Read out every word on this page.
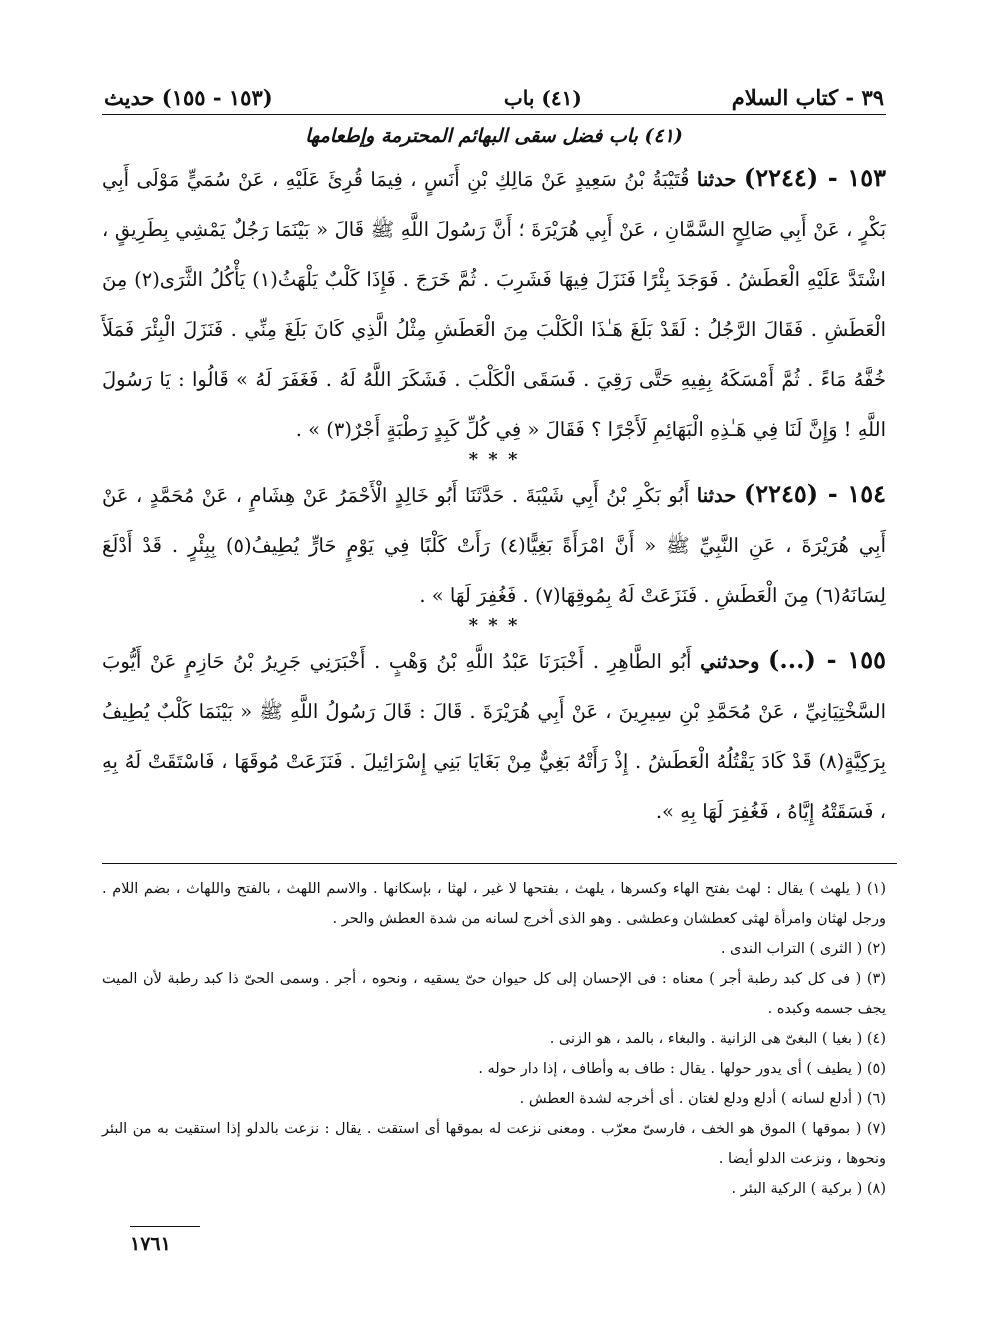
٣٩ - كتاب السلام
(٤١) باب
(١٥٣ - ١٥٥) حديث
(٤١) باب فضل سقى البهائم المحترمة وإطعامها
١٥٣ - (٢٢٤٤) حدثنا قُتَيْبَةُ بْنُ سَعِيدٍ عَنْ مَالِكِ بْنِ أَنَسٍ ، فِيمَا قُرِئَ عَلَيْهِ ، عَنْ سُمَيٍّ مَوْلَى أَبِي بَكْرٍ ، عَنْ أَبِي صَالِحٍ السَّمَّانِ ، عَنْ أَبِي هُرَيْرَةَ ؛ أَنَّ رَسُولَ اللَّهِ ﷺ قَالَ « بَيْنَمَا رَجُلٌ يَمْشِي بِطَرِيقٍ ، اشْتَدَّ عَلَيْهِ الْعَطَشُ . فَوَجَدَ بِئْرًا فَنَزَلَ فِيهَا فَشَرِبَ . ثُمَّ خَرَجَ . فَإِذَا كَلْبٌ يَلْهَثُ(١) يَأْكُلُ الثَّرَى(٢) مِنَ الْعَطَشِ . فَقَالَ الرَّجُلُ : لَقَدْ بَلَغَ هَـٰذَا الْكَلْبَ مِنَ الْعَطَشِ مِثْلُ الَّذِي كَانَ بَلَغَ مِنِّي . فَنَزَلَ الْبِئْرَ فَمَلَأَ خُفَّهُ مَاءً . ثُمَّ أَمْسَكَهُ بِفِيهِ حَتَّى رَقِيَ . فَسَقَى الْكَلْبَ . فَشَكَرَ اللَّهُ لَهُ . فَغَفَرَ لَهُ » قَالُوا : يَا رَسُولَ اللَّهِ ! وَإِنَّ لَنَا فِي هَـٰذِهِ الْبَهَائِمِ لَأَجْرًا ؟ فَقَالَ « فِي كُلِّ كَبِدٍ رَطْبَةٍ أَجْرٌ(٣) » .
* * *
١٥٤ - (٢٢٤٥) حدثنا أَبُو بَكْرِ بْنُ أَبِي شَيْبَةَ . حَدَّثَنَا أَبُو خَالِدٍ الْأَحْمَرُ عَنْ هِشَامٍ ، عَنْ مُحَمَّدٍ ، عَنْ أَبِي هُرَيْرَةَ ، عَنِ النَّبِيِّ ﷺ « أَنَّ امْرَأَةً بَغِيًّا(٤) رَأَتْ كَلْبًا فِي يَوْمٍ حَارٍّ يُطِيفُ(٥) بِبِئْرٍ . قَدْ أَدْلَعَ لِسَانَهُ(٦) مِنَ الْعَطَشِ . فَنَزَعَتْ لَهُ بِمُوقِهَا(٧) . فَغُفِرَ لَهَا » .
* * *
١٥٥ - (...) وحدثني أَبُو الطَّاهِرِ . أَخْبَرَنَا عَبْدُ اللَّهِ بْنُ وَهْبٍ . أَخْبَرَنِي جَرِيرُ بْنُ حَازِمٍ عَنْ أَيُّوبَ السَّخْتِيَانِيِّ ، عَنْ مُحَمَّدِ بْنِ سِيرِينَ ، عَنْ أَبِي هُرَيْرَةَ . قَالَ : قَالَ رَسُولُ اللَّهِ ﷺ « بَيْنَمَا كَلْبٌ يُطِيفُ بِرَكِيَّةٍ(٨) قَدْ كَادَ يَقْتُلُهُ الْعَطَشُ . إِذْ رَأَتْهُ بَغِيٌّ مِنْ بَغَايَا بَنِي إِسْرَائِيلَ . فَنَزَعَتْ مُوقَهَا ، فَاسْتَقَتْ لَهُ بِهِ ، فَسَقَتْهُ إِيَّاهُ ، فَغُفِرَ لَهَا بِهِ ».
(١) ( يلهث ) يقال : لهث بفتح الهاء وكسرها ، يلهث ، بفتحها لا غير ، لهثا ، بإسكانها . والاسم اللهث ، بالفتح واللهاث ، بضم اللام . ورجل لهثان وامرأة لهثى كعطشان وعطشى . وهو الذى أخرج لسانه من شدة العطش والحر .
(٢) ( الثرى ) التراب الندى .
(٣) ( فى كل كبد رطبة أجر ) معناه : فى الإحسان إلى كل حيوان حىّ يسقيه ، ونحوه ، أجر . وسمى الحىّ ذا كبد رطبة لأن الميت يجف جسمه وكبده .
(٤) ( بغيا ) البغىّ هى الزانية . والبغاء ، بالمد ، هو الزنى .
(٥) ( يطيف ) أى يدور حولها . يقال : طاف به وأطاف ، إذا دار حوله .
(٦) ( أدلع لسانه ) أدلع ودلع لغتان . أى أخرجه لشدة العطش .
(٧) ( بموقها ) الموق هو الخف ، فارسىّ معرّب . ومعنى نزعت له بموقها أى استقت . يقال : نزعت بالدلو إذا استقيت به من البئر ونحوها ، ونزعت الدلو أيضا .
(٨) ( بركية ) الركية البئر .
١٧٦١
